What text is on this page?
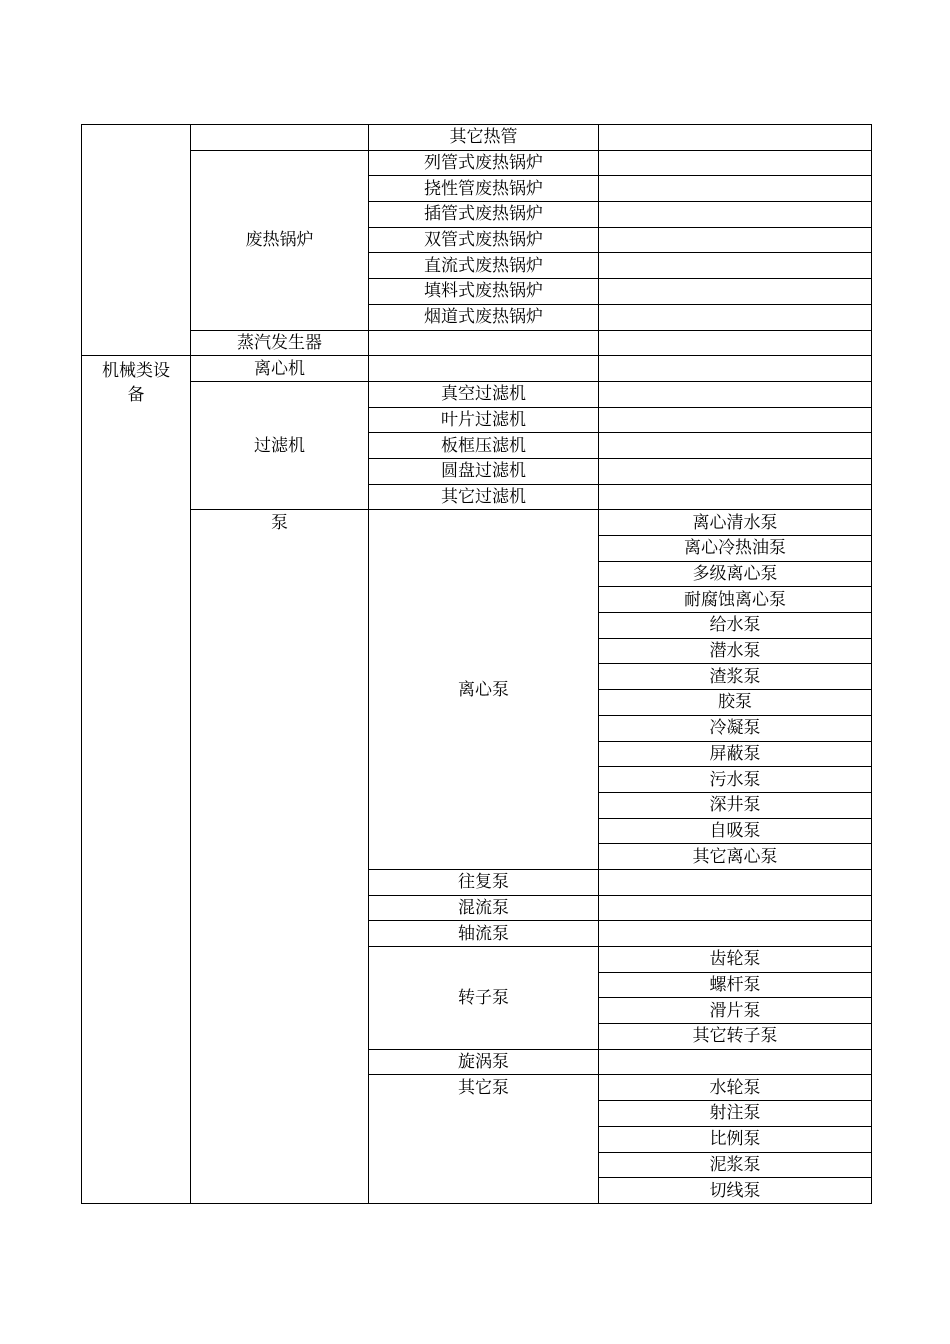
		其它热管	
	废热锅炉	列管式废热锅炉	
		挠性管废热锅炉	
		插管式废热锅炉	
		双管式废热锅炉	
		直流式废热锅炉	
		填料式废热锅炉	
		烟道式废热锅炉	
	蒸汽发生器		
机械类设备	离心机		
	过滤机	真空过滤机	
		叶片过滤机	
		板框压滤机	
		圆盘过滤机	
		其它过滤机	
	泵	离心泵	离心清水泵
			离心冷热油泵
			多级离心泵
			耐腐蚀离心泵
			给水泵
			潜水泵
			渣浆泵
			胶泵
			冷凝泵
			屏蔽泵
			污水泵
			深井泵
			自吸泵
			其它离心泵
		往复泵	
		混流泵	
		轴流泵	
		转子泵	齿轮泵
			螺杆泵
			滑片泵
			其它转子泵
		旋涡泵	
		其它泵	水轮泵
			射注泵
			比例泵
			泥浆泵
			切线泵
